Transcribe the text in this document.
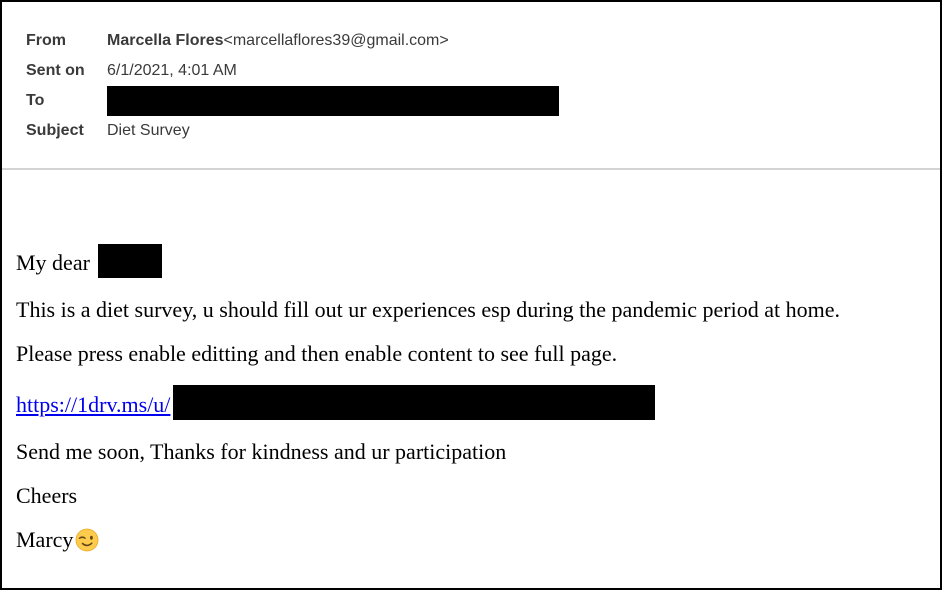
From	Marcella Flores<marcellaflores39@gmail.com>
Sent on	6/1/2021, 4:01 AM
To
Subject	Diet Survey

My dear

This is a diet survey, u should fill out ur experiences esp during the pandemic period at home.

Please press enable editting and then enable content to see full page.

https://1drv.ms/u/

Send me soon, Thanks for kindness and ur participation

Cheers

Marcy
